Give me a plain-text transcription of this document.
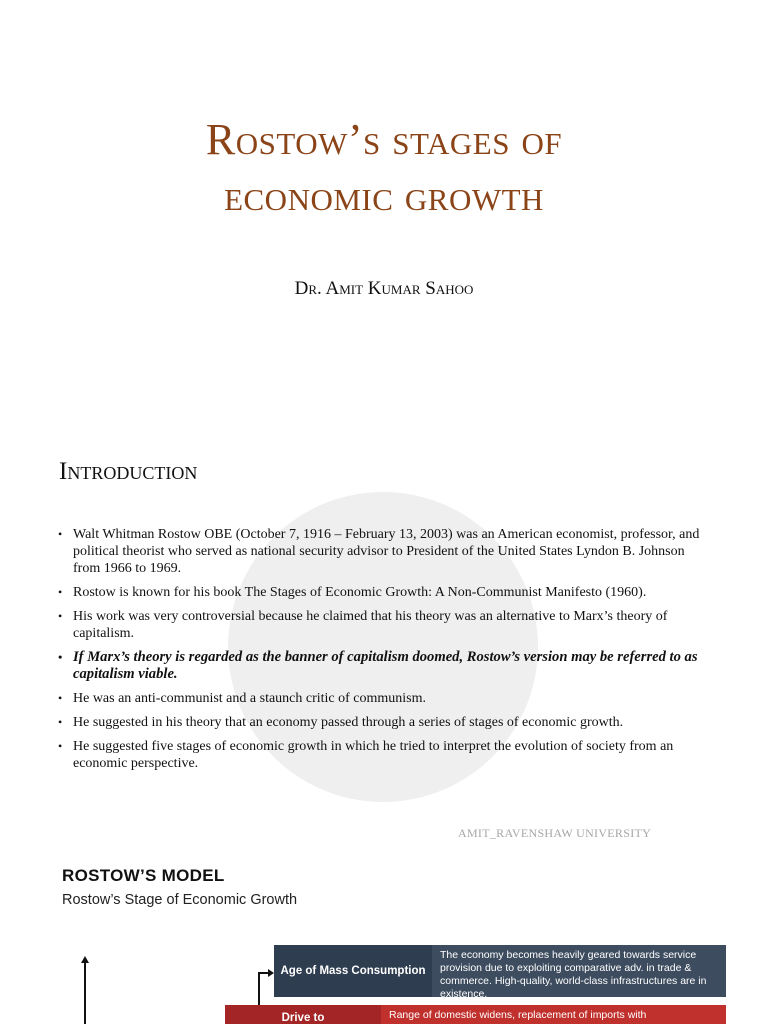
Rostow’s stages of
economic growth

Dr. Amit Kumar Sahoo

Introduction
• Walt Whitman Rostow OBE (October 7, 1916 – February 13, 2003) was an American economist, professor, and political theorist who served as national security advisor to President of the United States Lyndon B. Johnson from 1966 to 1969.
• Rostow is known for his book The Stages of Economic Growth: A Non-Communist Manifesto (1960).
• His work was very controversial because he claimed that his theory was an alternative to Marx’s theory of capitalism.
• If Marx’s theory is regarded as the banner of capitalism doomed, Rostow’s version may be referred to as capitalism viable.
• He was an anti-communist and a staunch critic of communism.
• He suggested in his theory that an economy passed through a series of stages of economic growth.
• He suggested five stages of economic growth in which he tried to interpret the evolution of society from an economic perspective.
AMIT_RAVENSHAW UNIVERSITY
ROSTOW’S MODEL
Rostow’s Stage of Economic Growth
Age of Mass Consumption
The economy becomes heavily geared towards service provision due to exploiting comparative adv. in trade & commerce. High-quality, world-class infrastructures are in existence.
Drive to	Range of domestic widens, replacement of imports with
